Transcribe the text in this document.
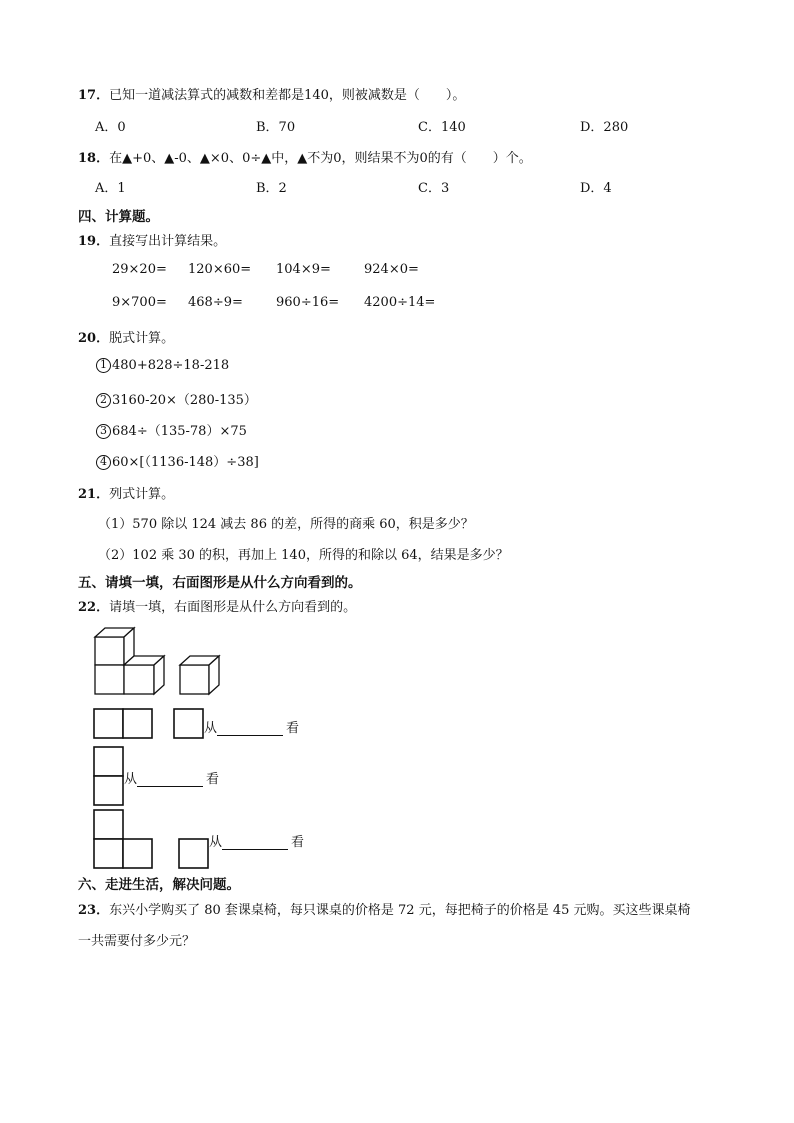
17．已知一道减法算式的减数和差都是140，则被减数是（　　）。
A．0	B．70	C．140	D．280
18．在▲+0、▲-0、▲×0、0÷▲中，▲不为0，则结果不为0的有（　　）个。
A．1	B．2	C．3	D．4
四、计算题。
19．直接写出计算结果。
29×20= 120×60= 104×9=	924×0=
9×700= 468÷9=	960÷16= 4200÷14=
20．脱式计算。
1 480+828÷18-218
2 3160-20×（280-135）
3 684÷（135-78）×75
4 60×[（1136-148）÷38]
21．列式计算。
（1）570 除以 124 减去 86 的差，所得的商乘 60，积是多少？
（2）102 乘 30 的积，再加上 140，所得的和除以 64，结果是多少？
五、请填一填，右面图形是从什么方向看到的。
22．请填一填，右面图形是从什么方向看到的。
从	看
从	看
从	看
六、走进生活，解决问题。
23．东兴小学购买了 80 套课桌椅，每只课桌的价格是 72 元，每把椅子的价格是 45 元购。买这些课桌椅
一共需要付多少元？
